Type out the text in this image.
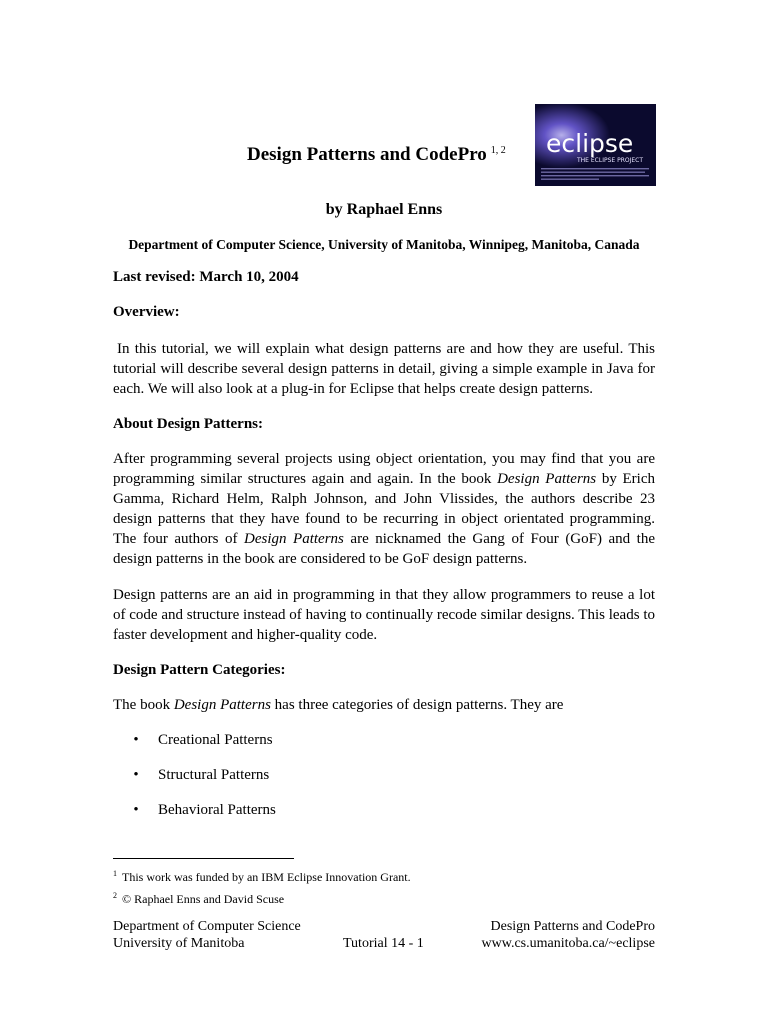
Design Patterns and CodePro $^{1, 2}$ eclipse
THE ECLIPSE PROJECT
by Raphael Enns
Department of Computer Science, University of Manitoba, Winnipeg, Manitoba, Canada
Last revised: March 10, 2004
Overview:
In this tutorial, we will explain what design patterns are and how they are useful. This tutorial will describe several design patterns in detail, giving a simple example in Java for each. We will also look at a plug-in for Eclipse that helps create design patterns.
About Design Patterns:
After programming several projects using object orientation, you may find that you are programming similar structures again and again. In the book Design Patterns by Erich Gamma, Richard Helm, Ralph Johnson, and John Vlissides, the authors describe 23 design patterns that they have found to be recurring in object orientated programming. The four authors of Design Patterns are nicknamed the Gang of Four (GoF) and the design patterns in the book are considered to be GoF design patterns.
Design patterns are an aid in programming in that they allow programmers to reuse a lot of code and structure instead of having to continually recode similar designs. This leads to faster development and higher-quality code.
Design Pattern Categories:
The book Design Patterns has three categories of design patterns. They are
• Creational Patterns
• Structural Patterns
• Behavioral Patterns
$^1$ This work was funded by an IBM Eclipse Innovation Grant.
$^2$ © Raphael Enns and David Scuse
Department of Computer Science
University of Manitoba	Tutorial 14 - 1
Design Patterns and CodePro
www.cs.umanitoba.ca/~eclipse
